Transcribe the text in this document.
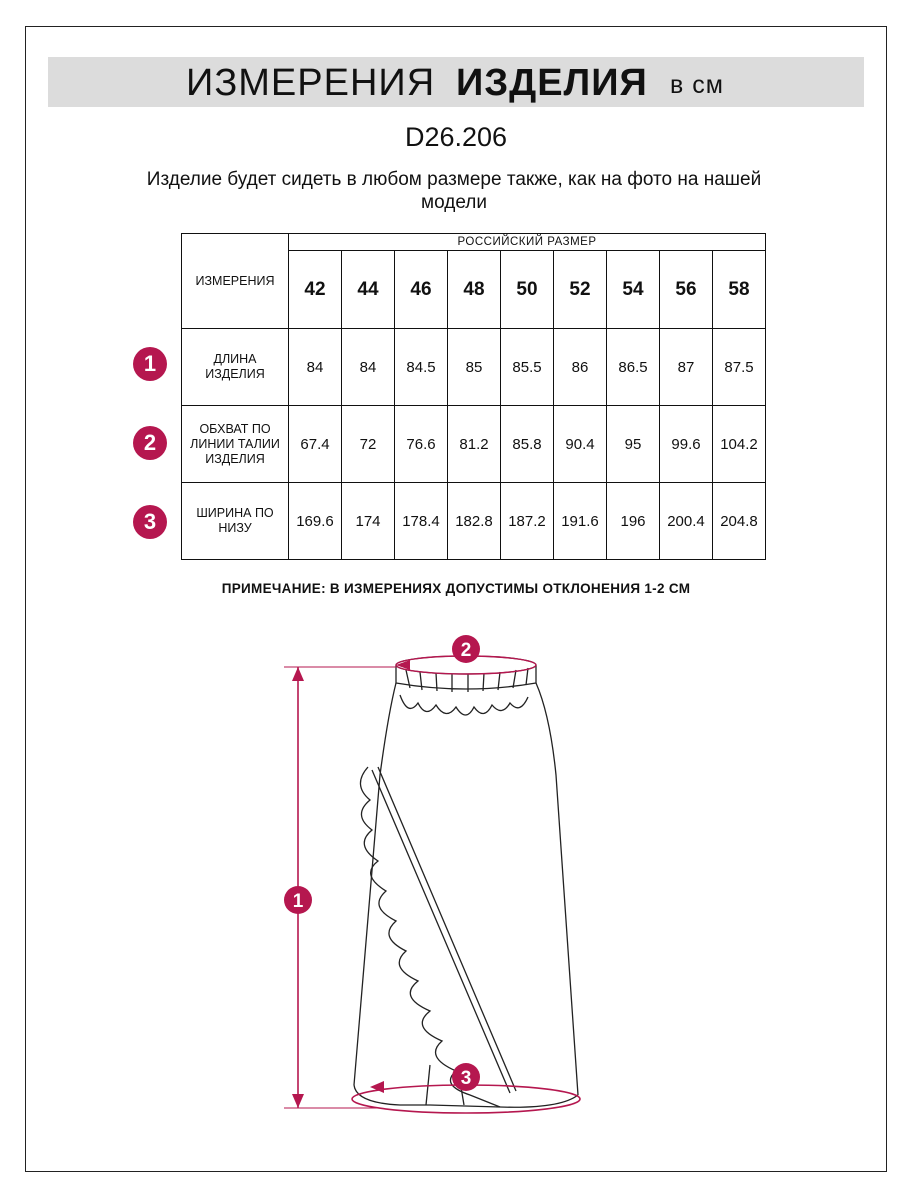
ИЗМЕРЕНИЯ ИЗДЕЛИЯ в см
D26.206
Изделие будет сидеть в любом размере также, как на фото на нашей модели
ИЗМЕРЕНИЯ	РОССИЙСКИЙ РАЗМЕР								
	42	44	46	48	50	52	54	56	58

ДЛИНА
ИЗДЕЛИЯ	84	84	84.5	85	85.5	86	86.5	87	87.5

ОБХВАТ ПО
ЛИНИИ ТАЛИИ
ИЗДЕЛИЯ	67.4	72	76.6	81.2	85.8	90.4	95	99.6	104.2

ШИРИНА ПО
НИЗУ	169.6	174	178.4	182.8	187.2	191.6	196	200.4	204.8
1
2
3
ПРИМЕЧАНИЕ: В ИЗМЕРЕНИЯХ ДОПУСТИМЫ ОТКЛОНЕНИЯ 1-2 СМ
2
1
3
